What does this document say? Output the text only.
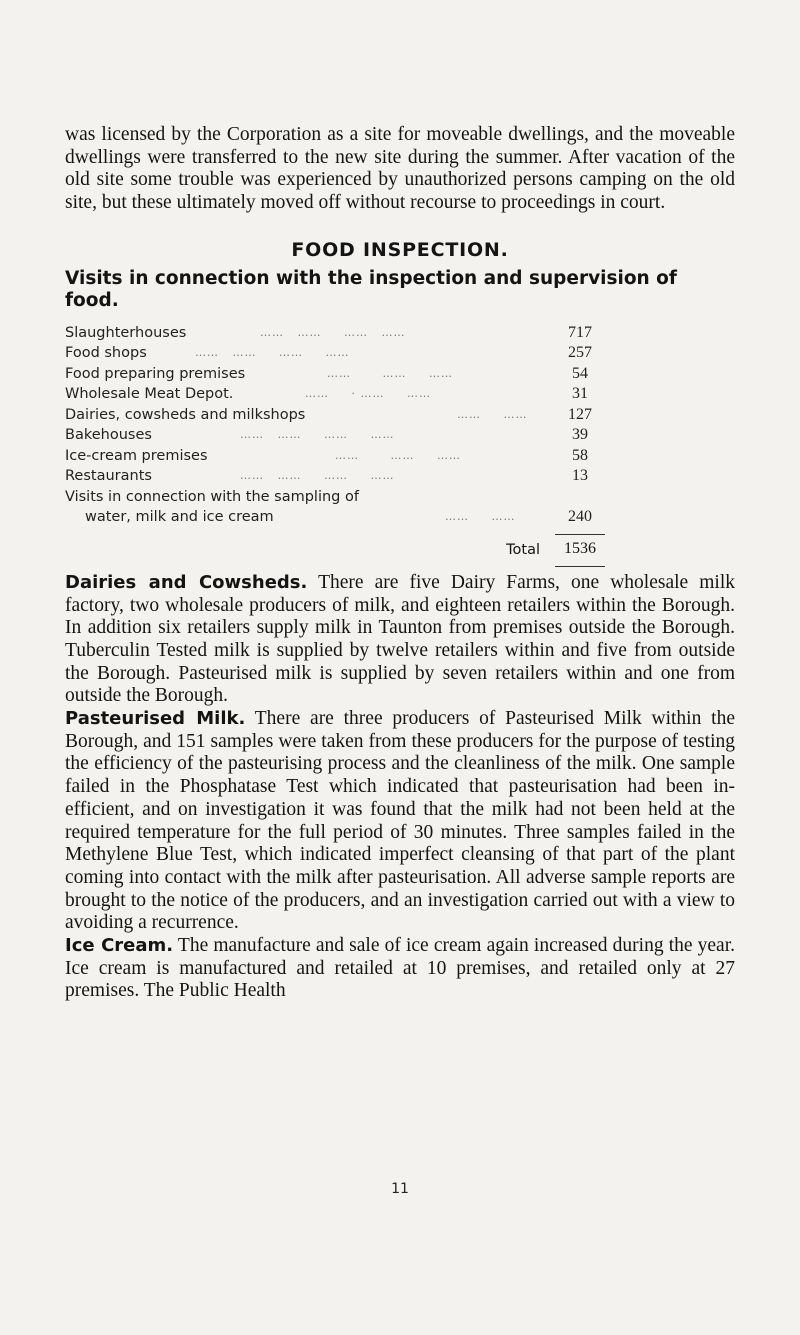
was licensed by the Corporation as a site for moveable dwellings, and the moveable dwellings were transferred to the new site during the summer. After vacation of the old site some trouble was experienced by unauthorized persons camping on the old site, but these ultimately moved off without recourse to proceedings in court.

FOOD INSPECTION.
Visits in connection with the inspection and supervision of food.
Slaughterhouses	……   ……     ……   ……	717
Food shops	……   ……     ……     ……	257
Food preparing premises	……       ……     ……	54
Wholesale Meat Depot.	……     · ……     ……	31
Dairies, cowsheds and milkshops	……     ……	127
Bakehouses	……   ……     ……     ……	39
Ice-cream premises	……       ……     ……	58
Restaurants	……   ……     ……     ……	13
Visits in connection with the sampling of
water, milk and ice cream	……     ……	240
Total	1536

Dairies and Cowsheds. There are five Dairy Farms, one wholesale milk factory, two wholesale producers of milk, and eighteen retailers within the Borough. In addition six retailers supply milk in Taunton from premises outside the Borough. Tuberculin Tested milk is supplied by twelve retailers within and five from outside the Borough. Pasteurised milk is supplied by seven retailers within and one from outside the Borough.

Pasteurised Milk. There are three producers of Pasteurised Milk within the Borough, and 151 samples were taken from these producers for the purpose of testing the efficiency of the pasteurising process and the cleanliness of the milk. One sample failed in the Phosphatase Test which indicated that pasteurisation had been in-efficient, and on investigation it was found that the milk had not been held at the required temperature for the full period of 30 minutes. Three samples failed in the Methylene Blue Test, which indicated imperfect cleansing of that part of the plant coming into contact with the milk after pasteurisation. All adverse sample reports are brought to the notice of the producers, and an investigation carried out with a view to avoiding a recurrence.

Ice Cream. The manufacture and sale of ice cream again increased during the year. Ice cream is manufactured and retailed at 10 premises, and retailed only at 27 premises. The Public Health

11
